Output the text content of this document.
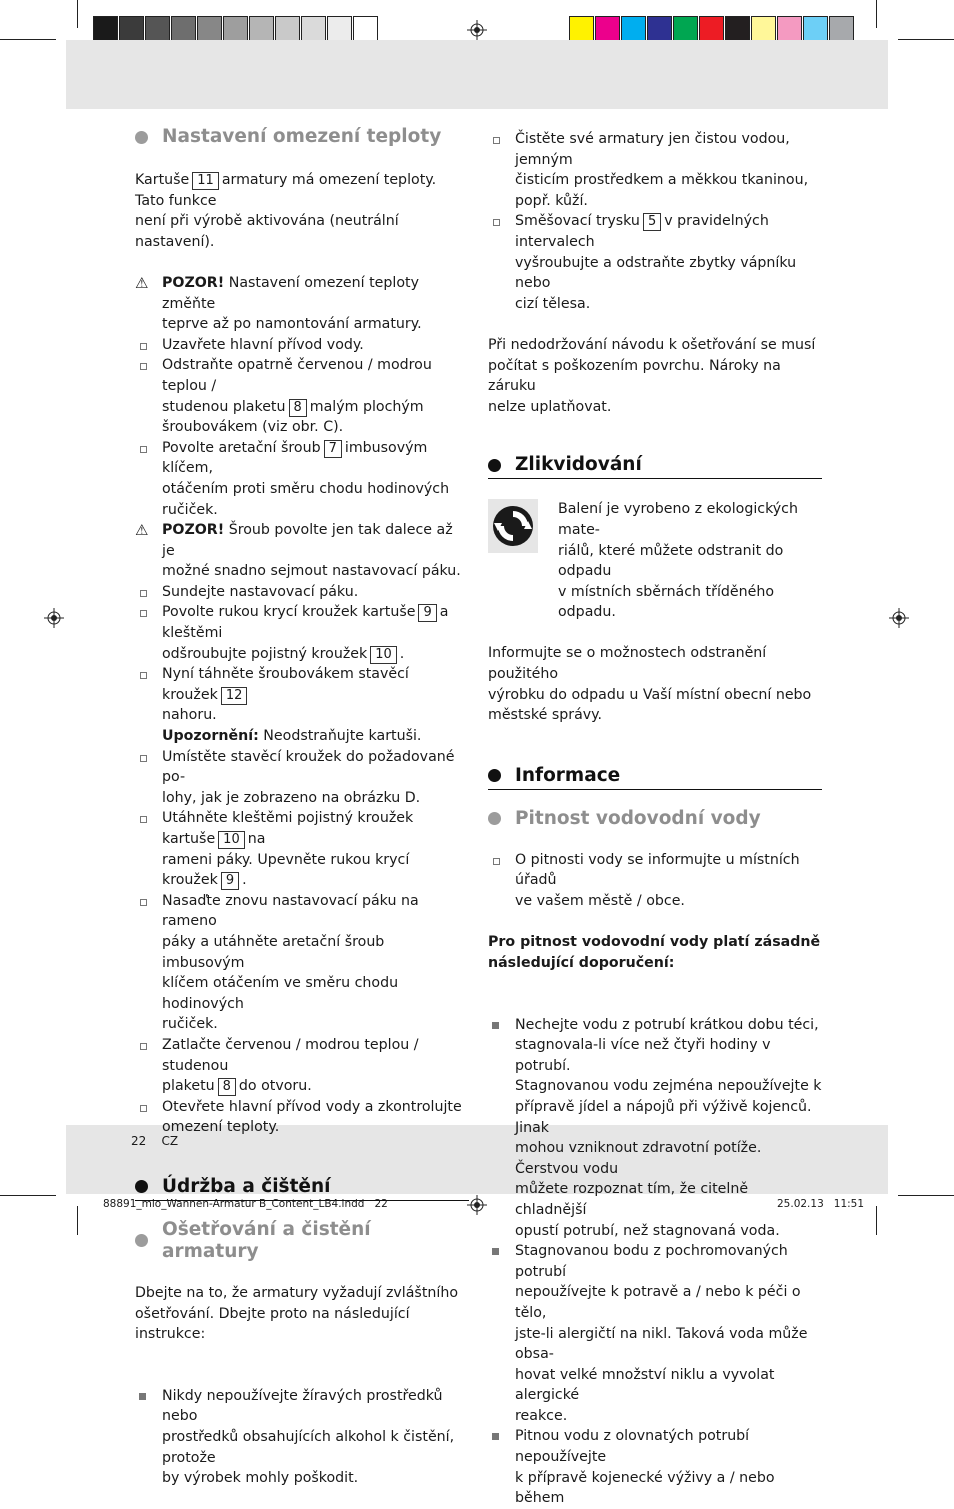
Nastavení omezení teploty

Kartuše 11 armatury má omezení teploty. Tato funkce
není při výrobě aktivována (neutrální nastavení).

⚠ POZOR! Nastavení omezení teploty změňte
teprve až po namontování armatury.
Uzavřete hlavní přívod vody.
Odstraňte opatrně červenou / modrou teplou /
studenou plaketu 8 malým plochým
šroubovákem (viz obr. C).
Povolte aretační šroub 7 imbusovým klíčem,
otáčením proti směru chodu hodinových ručiček.
⚠ POZOR! Šroub povolte jen tak dalece až je
možné snadno sejmout nastavovací páku.
Sundejte nastavovací páku.
Povolte rukou krycí kroužek kartuše 9 a kleštěmi
odšroubujte pojistný kroužek 10 .
Nyní táhněte šroubovákem stavěcí kroužek 12
nahoru.
Upozornění: Neodstraňujte kartuši.
Umístěte stavěcí kroužek do požadované po-
lohy, jak je zobrazeno na obrázku D.
Utáhněte kleštěmi pojistný kroužek kartuše 10 na
rameni páky. Upevněte rukou krycí kroužek 9 .
Nasaďte znovu nastavovací páku na rameno
páky a utáhněte aretační šroub imbusovým
klíčem otáčením ve směru chodu hodinových
ručiček.
Zatlačte červenou / modrou teplou / studenou
plaketu 8 do otvoru.
Otevřete hlavní přívod vody a zkontrolujte
omezení teploty.
Údržba a čištění
Ošetřování a čistění armatury

Dbejte na to, že armatury vyžadují zvláštního
ošetřování. Dbejte proto na následující instrukce:

Nikdy nepoužívejte žíravých prostředků nebo
prostředků obsahujících alkohol k čistění, protože
by výrobek mohly poškodit.
Čistěte své armatury jen čistou vodou, jemným
čisticím prostředkem a měkkou tkaninou,
popř. kůží.
Směšovací trysku 5 v pravidelných intervalech
vyšroubujte a odstraňte zbytky vápníku nebo
cizí tělesa.

Při nedodržování návodu k ošetřování se musí
počítat s poškozením povrchu. Nároky na záruku
nelze uplatňovat.

Zlikvidování

Balení je vyrobeno z ekologických mate-
riálů, které můžete odstranit do odpadu
v místních sběrnách tříděného odpadu.

Informujte se o možnostech odstranění použitého
výrobku do odpadu u Vaší místní obecní nebo
městské správy.

Informace
Pitnost vodovodní vody
O pitnosti vody se informujte u místních úřadů
ve vašem městě / obce.

Pro pitnost vodovodní vody platí zásadně
následující doporučení:

Nechejte vodu z potrubí krátkou dobu téci,
stagnovala-li více než čtyři hodiny v potrubí.
Stagnovanou vodu zejména nepoužívejte k
přípravě jídel a nápojů při výživě kojenců. Jinak
mohou vzniknout zdravotní potíže. Čerstvou vodu
můžete rozpoznat tím, že citelně chladnější
opustí potrubí, než stagnovaná voda.
Stagnovanou bodu z pochromovaných potrubí
nepoužívejte k potravě a / nebo k péči o tělo,
jste-li alergičtí na nikl. Taková voda může obsa-
hovat velké množství niklu a vyvolat alergické
reakce.
Pitnou vodu z olovnatých potrubí nepoužívejte
k přípravě kojenecké výživy a / nebo během
22 CZ
88891_mio_Wannen-Armatur B_Content_LB4.indd   22	25.02.13   11:51
